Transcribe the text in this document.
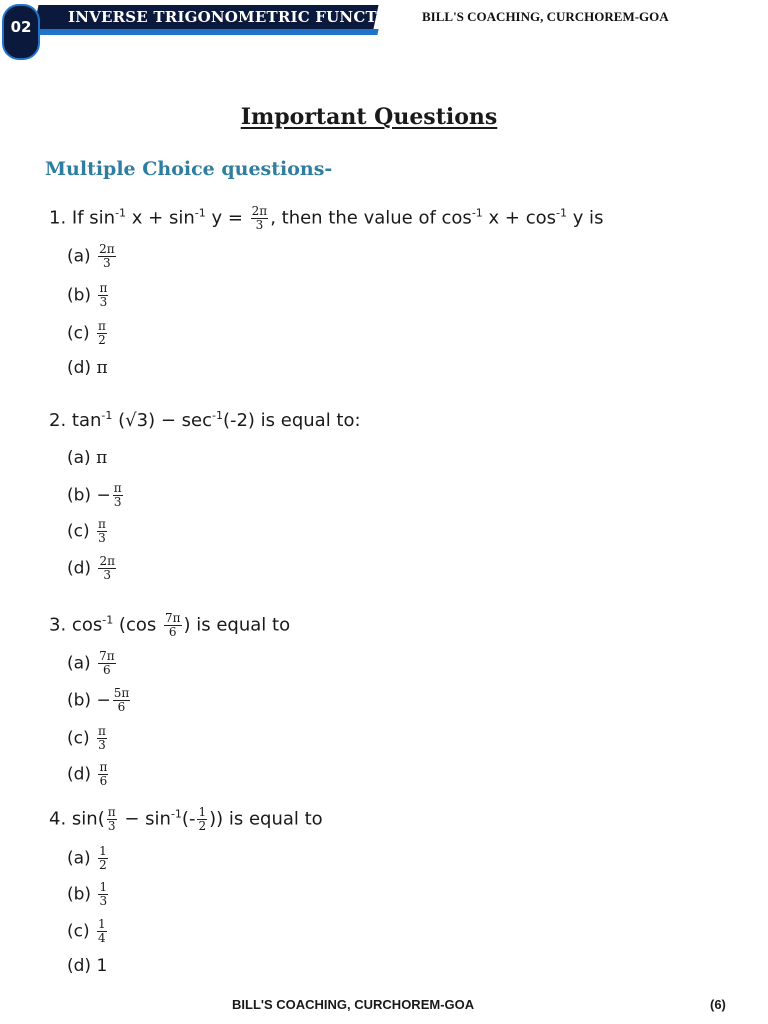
INVERSE TRIGONOMETRIC FUNCTIONS
02
BILL'S COACHING, CURCHOREM-GOA
Important Questions
Multiple Choice questions-
1. If $\sin^{-1} x + \sin^{-1} y = \frac{2\pi}{3}$ , then the value of $\cos^{-1} x + \cos^{-1} y$ is
$(a) \frac{2\pi}{3}$
$(b) \frac{\pi}{3}$
$(c) \frac{\pi}{2}$
(d) π
2. $\tan^{-1} (√3) - \sec^{-1}(-2)$ is equal to:
(a) π
$(b) - \frac{\pi}{3}$
$(c) \frac{\pi}{3}$
$(d) \frac{2\pi}{3}$
3. $\cos^{-1} (\cos \frac{7\pi}{6}$ ) is equal to
$(a) \frac{7\pi}{6}$
$(b) - \frac{5\pi}{6}$
$(c) \frac{\pi}{3}$
$(d) \frac{\pi}{6}$
4. $\sin( \frac{\pi}{3} - \sin^{-1}(- \frac{1}{2}$ )) is equal to
$(a) \frac{1}{2}$
$(b) \frac{1}{3}$
$(c) \frac{1}{4}$
(d) 1
BILL'S COACHING, CURCHOREM-GOA	(6)
